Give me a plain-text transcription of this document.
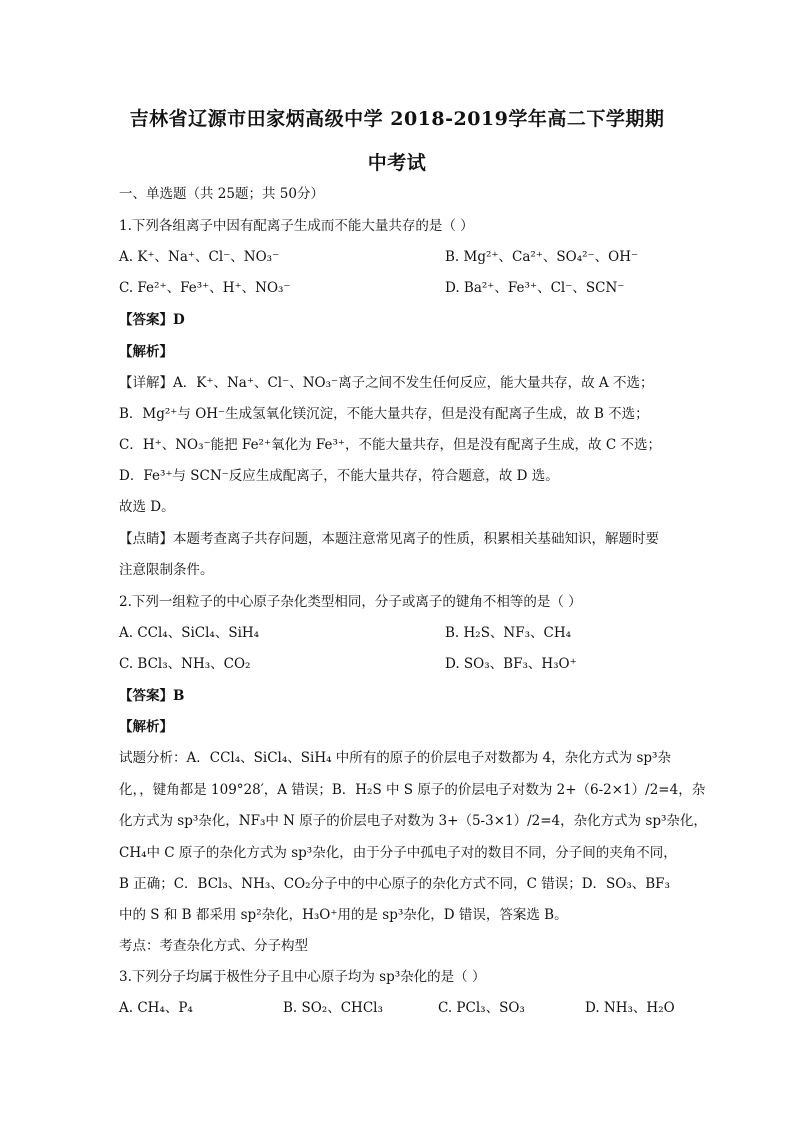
吉林省辽源市田家炳高级中学 2018-2019学年高二下学期期
中考试
一、单选题（共 25题；共 50分）
1.下列各组离子中因有配离子生成而不能大量共存的是（ ）
A. K⁺、Na⁺、Cl⁻、NO₃⁻	B. Mg²⁺、Ca²⁺、SO₄²⁻、OH⁻
C. Fe²⁺、Fe³⁺、H⁺、NO₃⁻	D. Ba²⁺、Fe³⁺、Cl⁻、SCN⁻
【答案】D
【解析】
【详解】A．K⁺、Na⁺、Cl⁻、NO₃⁻离子之间不发生任何反应，能大量共存，故 A 不选；
B．Mg²⁺与 OH⁻生成氢氧化镁沉淀，不能大量共存，但是没有配离子生成，故 B 不选；
C．H⁺、NO₃⁻能把 Fe²⁺氧化为 Fe³⁺，不能大量共存，但是没有配离子生成，故 C 不选；
D．Fe³⁺与 SCN⁻反应生成配离子，不能大量共存，符合题意，故 D 选。
故选 D。
【点睛】本题考查离子共存问题，本题注意常见离子的性质，积累相关基础知识，解题时要
注意限制条件。
2.下列一组粒子的中心原子杂化类型相同，分子或离子的键角不相等的是（ ）
A. CCl₄、SiCl₄、SiH₄	B. H₂S、NF₃、CH₄
C. BCl₃、NH₃、CO₂	D. SO₃、BF₃、H₃O⁺
【答案】B
【解析】
试题分析：A．CCl₄、SiCl₄、SiH₄ 中所有的原子的价层电子对数都为 4，杂化方式为 sp³杂
化，，键角都是 109°28′，A 错误；B．H₂S 中 S 原子的价层电子对数为 2+（6-2×1）/2=4，杂
化方式为 sp³杂化，NF₃中 N 原子的价层电子对数为 3+（5-3×1）/2=4，杂化方式为 sp³杂化，
CH₄中 C 原子的杂化方式为 sp³杂化，由于分子中孤电子对的数目不同，分子间的夹角不同，
B 正确；C．BCl₃、NH₃、CO₂分子中的中心原子的杂化方式不同，C 错误；D．SO₃、BF₃
中的 S 和 B 都采用 sp²杂化，H₃O⁺用的是 sp³杂化，D 错误，答案选 B。
考点：考查杂化方式、分子构型
3.下列分子均属于极性分子且中心原子均为 sp³杂化的是（ ）
A. CH₄、P₄	B. SO₂、CHCl₃	C. PCl₃、SO₃	D. NH₃、H₂O
